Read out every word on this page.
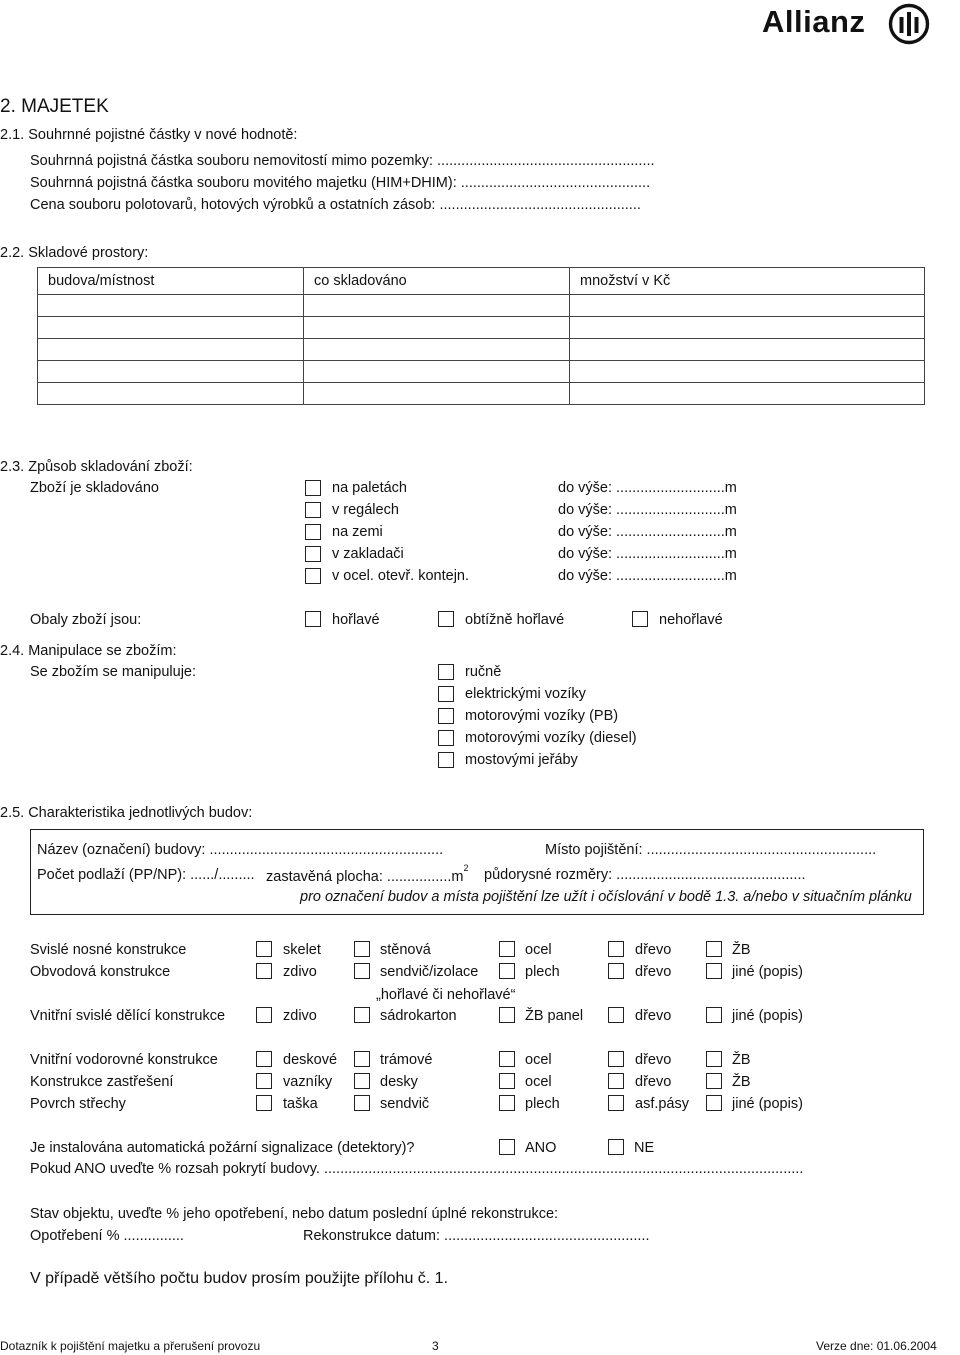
Allianz
2. MAJETEK
2.1. Souhrnné pojistné částky v nové hodnotě:
Souhrnná pojistná částka souboru nemovitostí mimo pozemky: ......................................................
Souhrnná pojistná částka souboru movitého majetku (HIM+DHIM): ...............................................
Cena souboru polotovarů, hotových výrobků a ostatních zásob: ..................................................
2.2. Skladové prostory:
budova/místnost	co skladováno	množství v Kč

2.3. Způsob skladování zboží:
Zboží je skladováno	na paletách	do výše: ...........................m
v regálech	do výše: ...........................m
na zemi	do výše: ...........................m
v zakladači	do výše: ...........................m
v ocel. otevř. kontejn.	do výše: ...........................m
Obaly zboží jsou:	hořlavé	obtížně hořlavé	nehořlavé
2.4. Manipulace se zbožím:
Se zbožím se manipuluje:	ručně
elektrickými vozíky
motorovými vozíky (PB)
motorovými vozíky (diesel)
mostovými jeřáby
2.5. Charakteristika jednotlivých budov:
Název (označení) budovy: ..........................................................	Místo pojištění: .........................................................
Počet podlaží (PP/NP): ....../......... zastavěná plocha: $................m^2$ půdorysné rozměry: ...............................................
pro označení budov a místa pojištění lze užít i očíslování v bodě 1.3. a/nebo v situačním plánku
Svislé nosné konstrukce	skelet	stěnová	ocel	dřevo	ŽB
Obvodová konstrukce	zdivo	sendvič/izolace	plech	dřevo	jiné (popis)
Vnitřní svislé dělící konstrukce	zdivo	sádrokarton	ŽB panel	dřevo	jiné (popis)
Vnitřní vodorovné konstrukce	deskové	trámové	ocel	dřevo	ŽB
Konstrukce zastřešení	vazníky	desky	ocel	dřevo	ŽB
Povrch střechy	taška	sendvič	plech	asf.pásy	jiné (popis)
„hořlavé či nehořlavé“
Je instalována automatická požární signalizace (detektory)?	ANO	NE
Pokud ANO uveďte % rozsah pokrytí budovy. .......................................................................................................................
Stav objektu, uveďte % jeho opotřebení, nebo datum poslední úplné rekonstrukce:
Opotřebení % ...............	Rekonstrukce datum: ...................................................
V případě většího počtu budov prosím použijte přílohu č. 1.
Dotazník k pojištění majetku a přerušení provozu	3	Verze dne: 01.06.2004
